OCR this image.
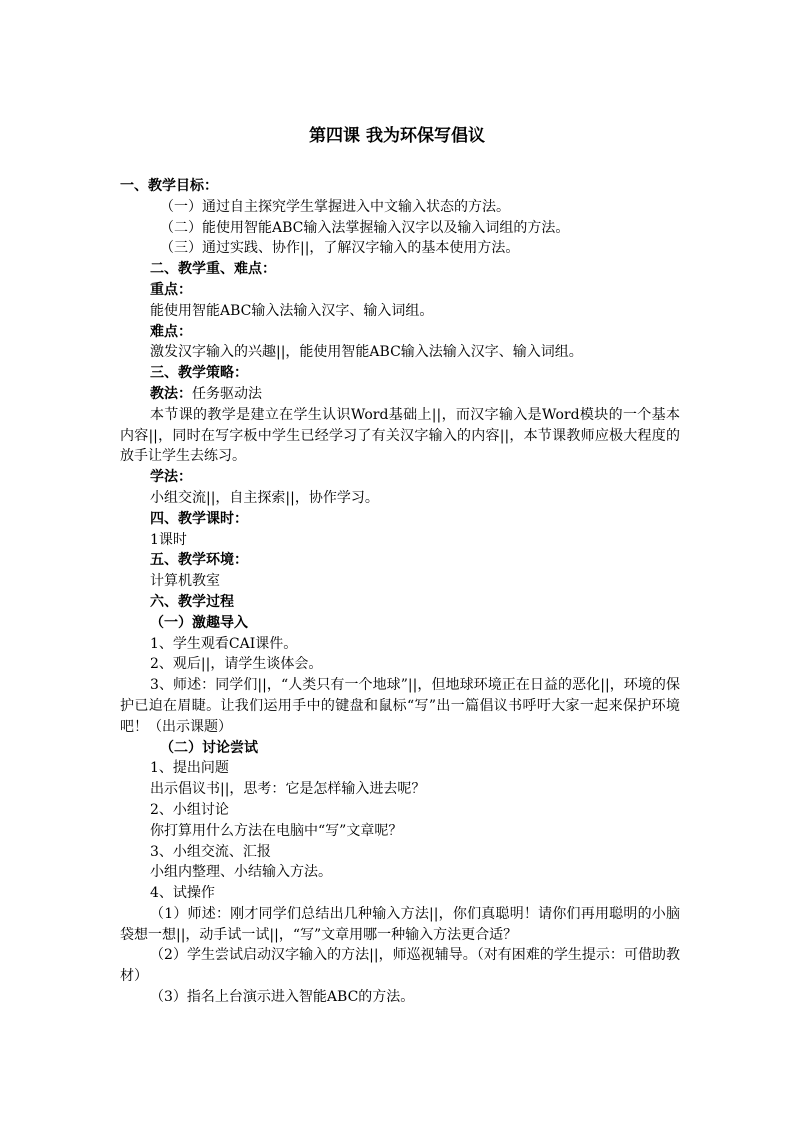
第四课 我为环保写倡议
一、教学目标：
（一）通过自主探究学生掌握进入中文输入状态的方法。
（二）能使用智能ABC输入法掌握输入汉字以及输入词组的方法。
（三）通过实践、协作||，了解汉字输入的基本使用方法。
二、教学重、难点：
重点：
能使用智能ABC输入法输入汉字、输入词组。
难点：
激发汉字输入的兴趣||，能使用智能ABC输入法输入汉字、输入词组。
三、教学策略：
教法：任务驱动法

本节课的教学是建立在学生认识Word基础上||，而汉字输入是Word模块的一个基本内容||，同时在写字板中学生已经学习了有关汉字输入的内容||，本节课教师应极大程度的放手让学生去练习。

学法：
小组交流||，自主探索||，协作学习。
四、教学课时：
1课时
五、教学环境：
计算机教室
六、教学过程
（一）激趣导入
1、学生观看CAI课件。
2、观后||，请学生谈体会。

3、师述：同学们||，“人类只有一个地球”||，但地球环境正在日益的恶化||，环境的保护已迫在眉睫。让我们运用手中的键盘和鼠标“写”出一篇倡议书呼吁大家一起来保护环境吧！（出示课题）

（二）讨论尝试
1、提出问题
出示倡议书||，思考：它是怎样输入进去呢？
2、小组讨论
你打算用什么方法在电脑中“写”文章呢？
3、小组交流、汇报
小组内整理、小结输入方法。
4、试操作

（1）师述：刚才同学们总结出几种输入方法||，你们真聪明！请你们再用聪明的小脑袋想一想||，动手试一试||，“写”文章用哪一种输入方法更合适？

（2）学生尝试启动汉字输入的方法||，师巡视辅导。（对有困难的学生提示：可借助教材）

（3）指名上台演示进入智能ABC的方法。
